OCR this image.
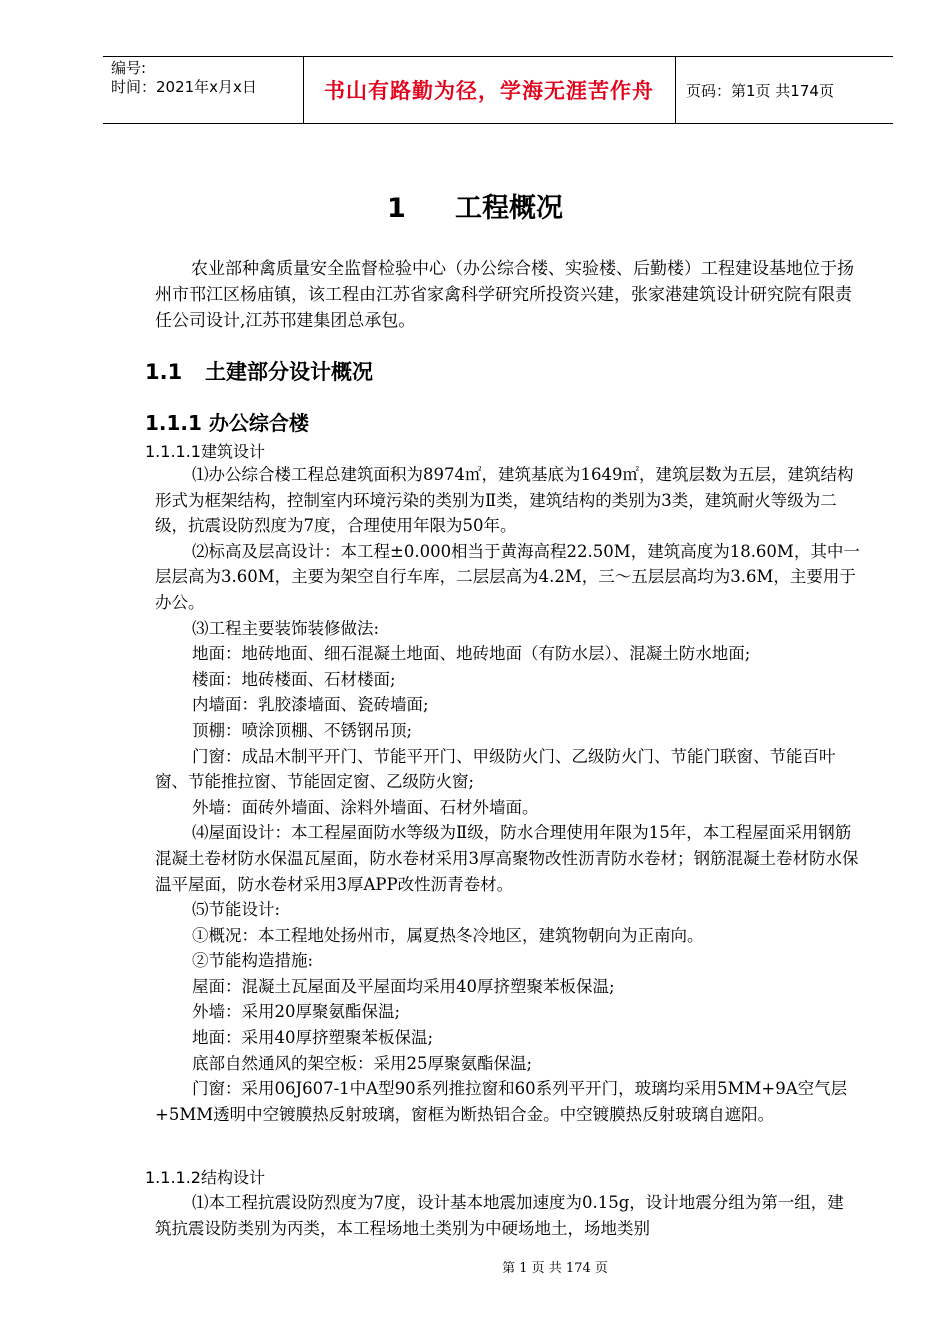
编号:
时间：2021年x月x日	书山有路勤为径，学海无涯苦作舟	页码：第1页 共174页
1 工程概况

农业部种禽质量安全监督检验中心（办公综合楼、实验楼、后勤楼）工程建设基地位于扬州市邗江区杨庙镇，该工程由江苏省家禽科学研究所投资兴建，张家港建筑设计研究院有限责任公司设计,江苏邗建集团总承包。

1.1 土建部分设计概况
1.1.1 办公综合楼
1.1.1.1建筑设计

⑴办公综合楼工程总建筑面积为8974㎡，建筑基底为1649㎡，建筑层数为五层，建筑结构形式为框架结构，控制室内环境污染的类别为Ⅱ类，建筑结构的类别为3类，建筑耐火等级为二级，抗震设防烈度为7度，合理使用年限为50年。

⑵标高及层高设计：本工程±0.000相当于黄海高程22.50M，建筑高度为18.60M，其中一层层高为3.60M，主要为架空自行车库，二层层高为4.2M，三～五层层高均为3.6M，主要用于办公。

⑶工程主要装饰装修做法:

地面：地砖地面、细石混凝土地面、地砖地面（有防水层）、混凝土防水地面;

楼面：地砖楼面、石材楼面;

内墙面：乳胶漆墙面、瓷砖墙面;

顶棚：喷涂顶棚、不锈钢吊顶;

门窗：成品木制平开门、节能平开门、甲级防火门、乙级防火门、节能门联窗、节能百叶窗、节能推拉窗、节能固定窗、乙级防火窗;

外墙：面砖外墙面、涂料外墙面、石材外墙面。

⑷屋面设计：本工程屋面防水等级为Ⅱ级，防水合理使用年限为15年，本工程屋面采用钢筋混凝土卷材防水保温瓦屋面，防水卷材采用3厚高聚物改性沥青防水卷材；钢筋混凝土卷材防水保温平屋面，防水卷材采用3厚APP改性沥青卷材。

⑸节能设计:

①概况：本工程地处扬州市，属夏热冬冷地区，建筑物朝向为正南向。

②节能构造措施:

屋面：混凝土瓦屋面及平屋面均采用40厚挤塑聚苯板保温;

外墙：采用20厚聚氨酯保温;

地面：采用40厚挤塑聚苯板保温;

底部自然通风的架空板：采用25厚聚氨酯保温;

门窗：采用06J607-1中A型90系列推拉窗和60系列平开门，玻璃均采用5MM+9A空气层+5MM透明中空镀膜热反射玻璃，窗框为断热铝合金。中空镀膜热反射玻璃自遮阳。

1.1.1.2结构设计

⑴本工程抗震设防烈度为7度，设计基本地震加速度为0.15g，设计地震分组为第一组，建筑抗震设防类别为丙类，本工程场地土类别为中硬场地土，场地类别

第 1 页 共 174 页
